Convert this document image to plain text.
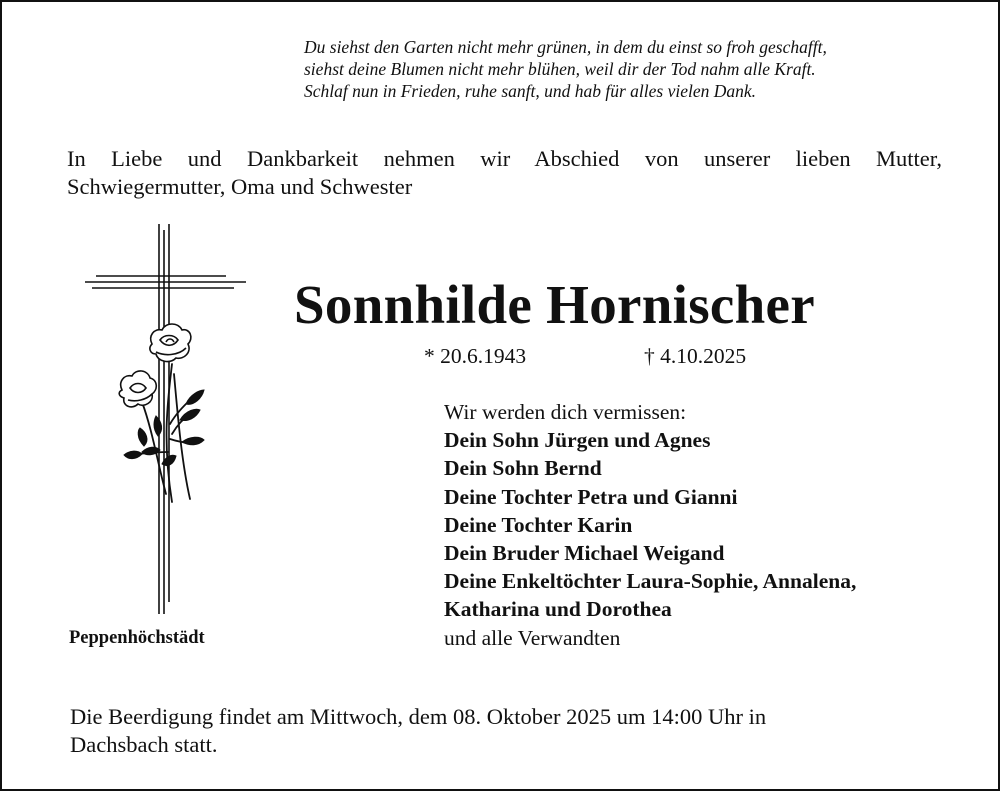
Du siehst den Garten nicht mehr grünen, in dem du einst so froh geschafft,
siehst deine Blumen nicht mehr blühen, weil dir der Tod nahm alle Kraft.
Schlaf nun in Frieden, ruhe sanft, und hab für alles vielen Dank.
In Liebe und Dankbarkeit nehmen wir Abschied von unserer lieben Mutter,
Schwiegermutter, Oma und Schwester
Sonnhilde Hornischer
* 20.6.1943	† 4.10.2025
Wir werden dich vermissen:
Dein Sohn Jürgen und Agnes
Dein Sohn Bernd
Deine Tochter Petra und Gianni
Deine Tochter Karin
Dein Bruder Michael Weigand
Deine Enkeltöchter Laura-Sophie, Annalena,
Katharina und Dorothea
und alle Verwandten
Peppenhöchstädt
Die Beerdigung findet am Mittwoch, dem 08. Oktober 2025 um 14:00 Uhr in
Dachsbach statt.
